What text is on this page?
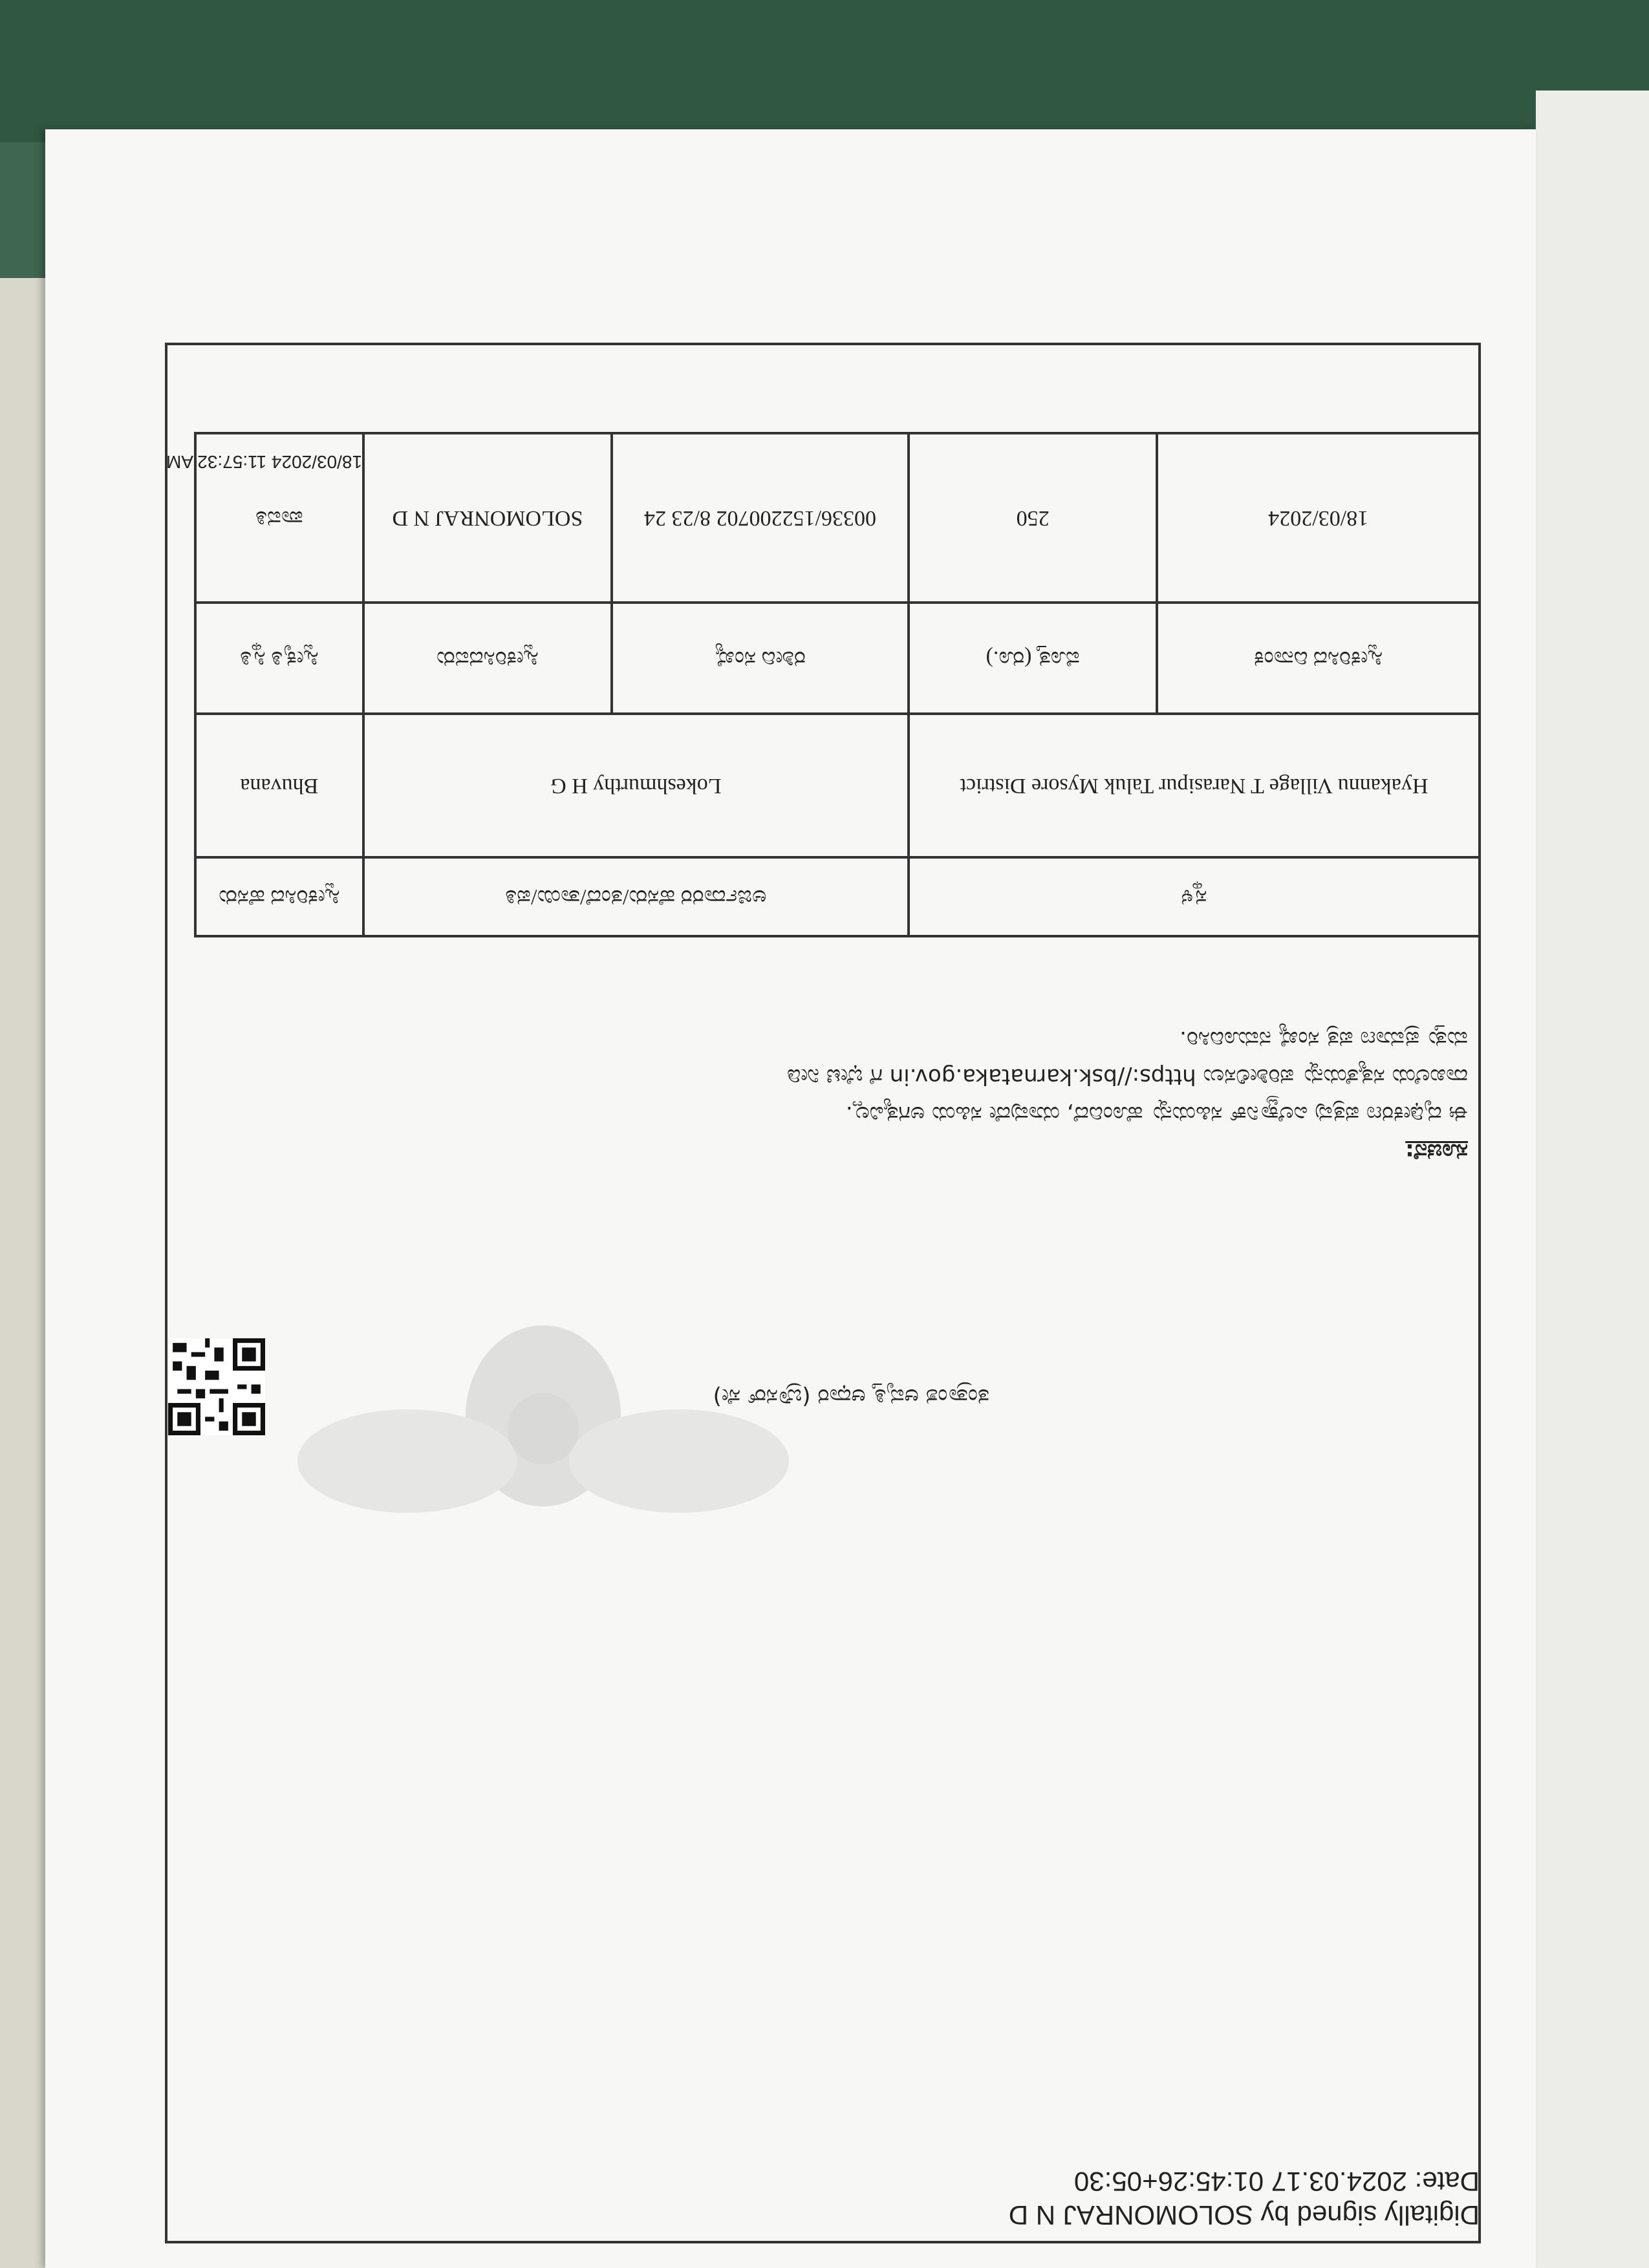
Digitally signed by SOLOMONRAJ N D
Date: 2024.03.17 01:45:26+05:30
18/03/2024 11:57:32 AM
ತಂತ್ರಾಂಶ ಆವೃತ್ತಿ ಆಧಾರ (ಬ್ರೌಸರ್ ಸೇ)
ಸೂಚನೆ:
ಈ ದೃಢೀಕರಣ ಪತ್ರವು ಎಲೆಕ್ಟ್ರಾನಿಕ್ ಸಹಿಯನ್ನು ಹೊಂದಿದೆ, ಯಾವುದೇ ಸಹಿಯ ಅಗತ್ಯವಿಲ್ಲ.
ದಾಖಲೆಯ ಸತ್ಯತೆಯನ್ನು ಪರಿಶೀಲಿಸಲು https://bsk.karnataka.gov.in ಗೆ ಭೇಟಿ ನೀಡಿ
ಮತ್ತು ಪ್ರಮಾಣ ಪತ್ರ ಸಂಖ್ಯೆ ನಮೂದಿಸಿರಿ.
ಸ್ಥಳ		ಅರ್ಜಿದಾರರ ಹೆಸರು/ತಂದೆ/ತಾಯಿ/ಪತಿ		ಸ್ವೀಕರಿಸಿದ ಹೆಸರು
Hyakannu Village T Narasipur Taluk Mysore District		Lokeshmurthy H G		Bhuvana
ಸ್ವೀಕರಿಸಿದ ದಿನಾಂಕ	ಮೊತ್ತ (ರೂ.)	ರಶೀದಿ ಸಂಖ್ಯೆ	ಸ್ವೀಕರಿಸಿದವರು	ಸ್ವೀಕೃತಿ ಸ್ಥಿತಿ
18/03/2024	250	00336/152200702 8/23 24	SOLOMONRAJ N D	ಪಾವತಿ
